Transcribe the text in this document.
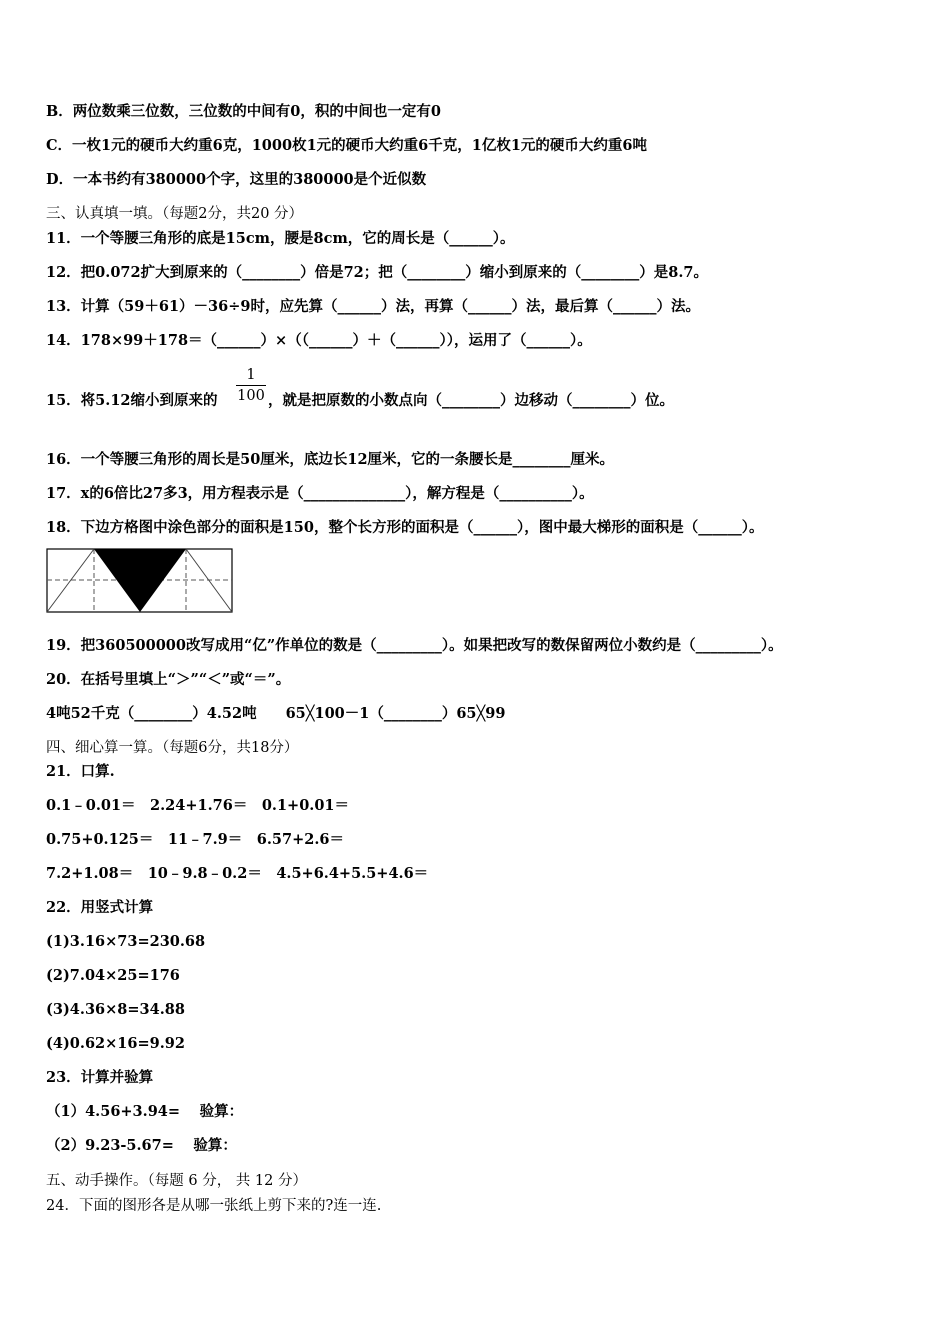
B．两位数乘三位数，三位数的中间有0，积的中间也一定有0
C．一枚1元的硬币大约重6克，1000枚1元的硬币大约重6千克，1亿枚1元的硬币大约重6吨
D．一本书约有380000个字，这里的380000是个近似数
三、认真填一填。（每题2分，共20 分）
11．一个等腰三角形的底是15cm，腰是8cm，它的周长是（______）。
12．把0.072扩大到原来的（________）倍是72；把（________）缩小到原来的（________）是8.7。
13．计算（59＋61）－36÷9时，应先算（______）法，再算（______）法，最后算（______）法。
14．178×99＋178＝（______）×（（______）＋（______）），运用了（______）。
15．将5.12缩小到原来的
1
100 ，就是把原数的小数点向（________）边移动（________）位。
16．一个等腰三角形的周长是50厘米，底边长12厘米，它的一条腰长是________厘米。
17．x的6倍比27多3，用方程表示是（______________），解方程是（__________）。
18．下边方格图中涂色部分的面积是150，整个长方形的面积是（______），图中最大梯形的面积是（______）。
19．把360500000改写成用“亿”作单位的数是（_________）。如果把改写的数保留两位小数约是（_________）。
20．在括号里填上“＞”“＜”或“＝”。
4吨52千克（________）4.52吨　　65╳100－1（________）65╳99
四、细心算一算。（每题6分，共18分）
21．口算.
0.1﹣0.01＝　2.24+1.76＝　0.1+0.01＝
0.75+0.125＝　11﹣7.9＝　6.57+2.6＝
7.2+1.08＝　10﹣9.8﹣0.2＝　4.5+6.4+5.5+4.6＝
22．用竖式计算
(1)3.16×73=230.68
(2)7.04×25=176
(3)4.36×8=34.88
(4)0.62×16=9.92
23．计算并验算
（1）4.56+3.94=　 验算：
（2）9.23-5.67=　 验算：
五、动手操作。（每题 6 分， 共 12 分）
24．下面的图形各是从哪一张纸上剪下来的?连一连.
